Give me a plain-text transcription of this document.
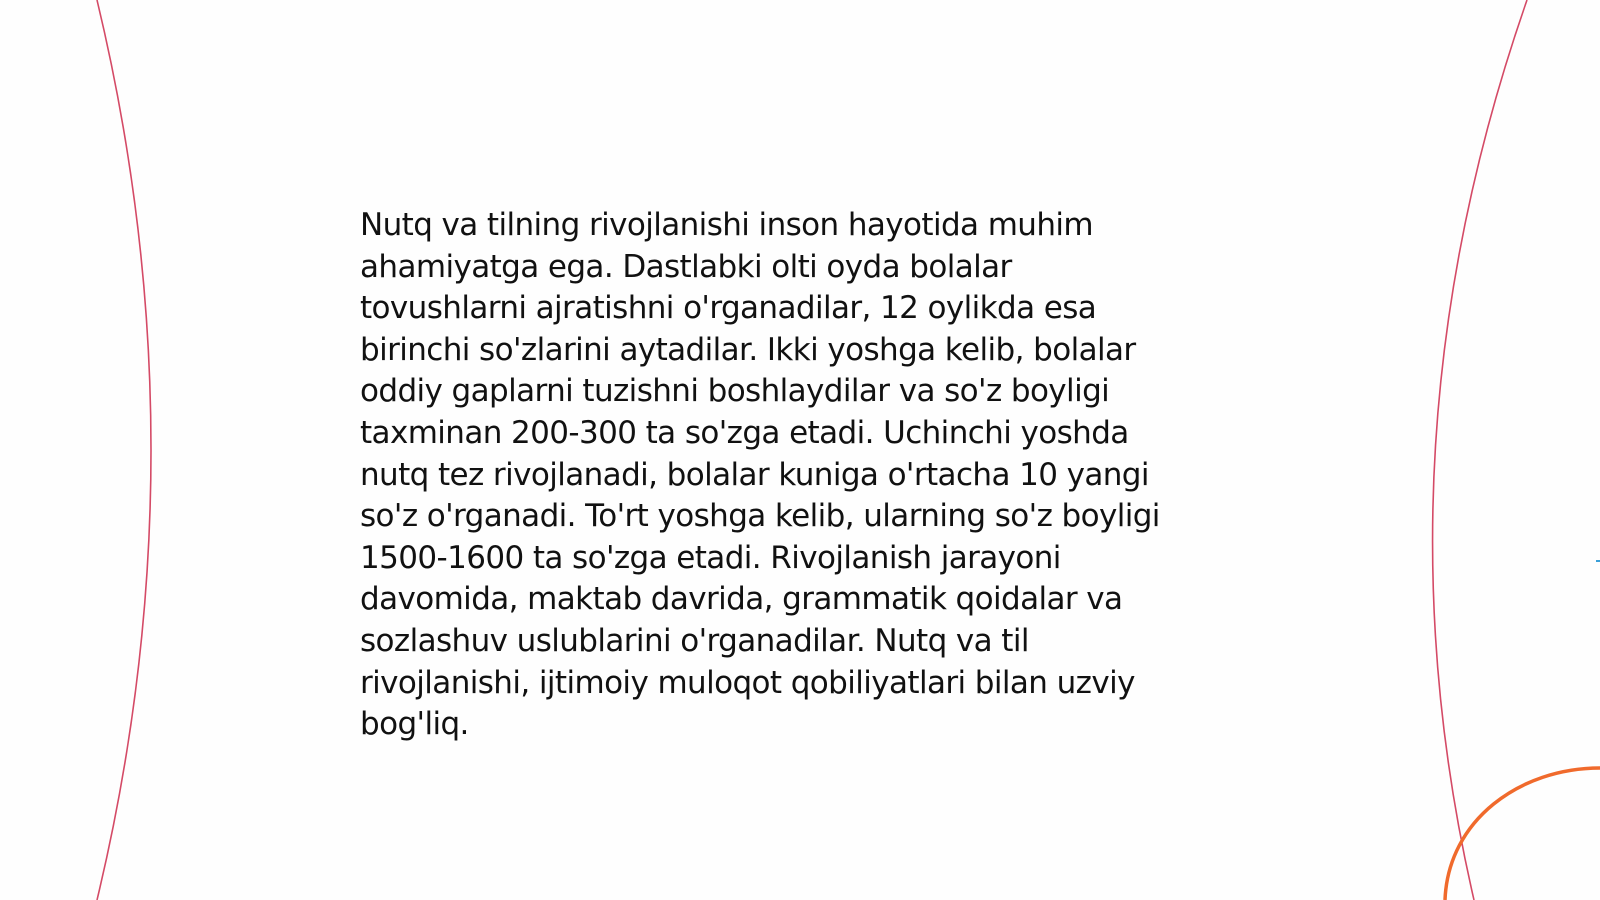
Nutq va tilning rivojlanishi inson hayotida muhim
ahamiyatga ega. Dastlabki olti oyda bolalar
tovushlarni ajratishni o'rganadilar, 12 oylikda esa
birinchi so'zlarini aytadilar. Ikki yoshga kelib, bolalar
oddiy gaplarni tuzishni boshlaydilar va so'z boyligi
taxminan 200-300 ta so'zga etadi. Uchinchi yoshda
nutq tez rivojlanadi, bolalar kuniga o'rtacha 10 yangi
so'z o'rganadi. To'rt yoshga kelib, ularning so'z boyligi
1500-1600 ta so'zga etadi. Rivojlanish jarayoni
davomida, maktab davrida, grammatik qoidalar va
sozlashuv uslublarini o'rganadilar. Nutq va til
rivojlanishi, ijtimoiy muloqot qobiliyatlari bilan uzviy
bog'liq.
